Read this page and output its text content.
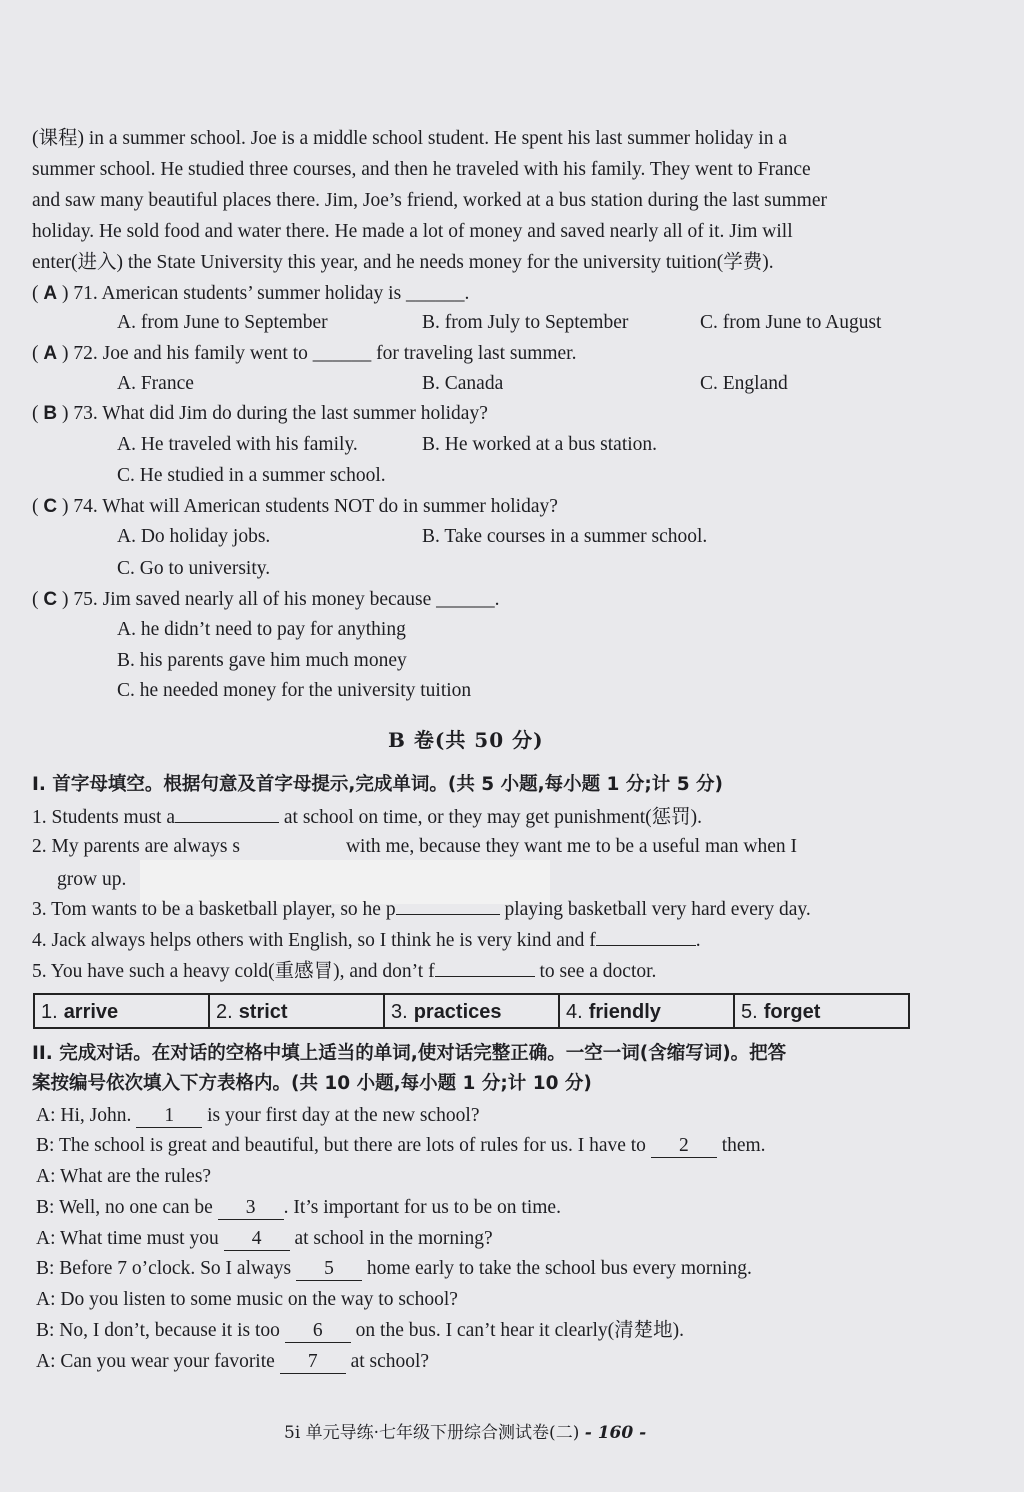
(课程) in a summer school. Joe is a middle school student. He spent his last summer holiday in a
summer school. He studied three courses, and then he traveled with his family. They went to France
and saw many beautiful places there. Jim, Joe’s friend, worked at a bus station during the last summer
holiday. He sold food and water there. He made a lot of money and saved nearly all of it. Jim will
enter(进入) the State University this year, and he needs money for the university tuition(学费).
( A ) 71. American students’ summer holiday is ______.
A. from June to September	B. from July to September	C. from June to August
( A ) 72. Joe and his family went to ______ for traveling last summer.
A. France	B. Canada	C. England
( B ) 73. What did Jim do during the last summer holiday?
A. He traveled with his family.	B. He worked at a bus station.
C. He studied in a summer school.
( C ) 74. What will American students NOT do in summer holiday?
A. Do holiday jobs.	B. Take courses in a summer school.
C. Go to university.
( C ) 75. Jim saved nearly all of his money because ______.
A. he didn’t need to pay for anything
B. his parents gave him much money
C. he needed money for the university tuition
B 卷(共 50 分)
I. 首字母填空。根据句意及首字母提示,完成单词。(共 5 小题,每小题 1 分;计 5 分)
1. Students must a	at school on time, or they may get punishment(惩罚).
2. My parents are always s	with me, because they want me to be a useful man when I
grow up.
3. Tom wants to be a basketball player, so he p	playing basketball very hard every day.
4. Jack always helps others with English, so I think he is very kind and f	.
5. You have such a heavy cold(重感冒), and don’t f	to see a doctor.
1. arrive	2. strict	3. practices	4. friendly	5. forget
II. 完成对话。在对话的空格中填上适当的单词,使对话完整正确。一空一词(含缩写词)。把答
案按编号依次填入下方表格内。(共 10 小题,每小题 1 分;计 10 分)
A: Hi, John. 1 is your first day at the new school?
B: The school is great and beautiful, but there are lots of rules for us. I have to 2 them.
A: What are the rules?
B: Well, no one can be 3 . It’s important for us to be on time.
A: What time must you 4 at school in the morning?
B: Before 7 o’clock. So I always 5 home early to take the school bus every morning.
A: Do you listen to some music on the way to school?
B: No, I don’t, because it is too 6 on the bus. I can’t hear it clearly(清楚地).
A: Can you wear your favorite 7 at school?
5i 单元导练·七年级下册综合测试卷(二) - 160 -
